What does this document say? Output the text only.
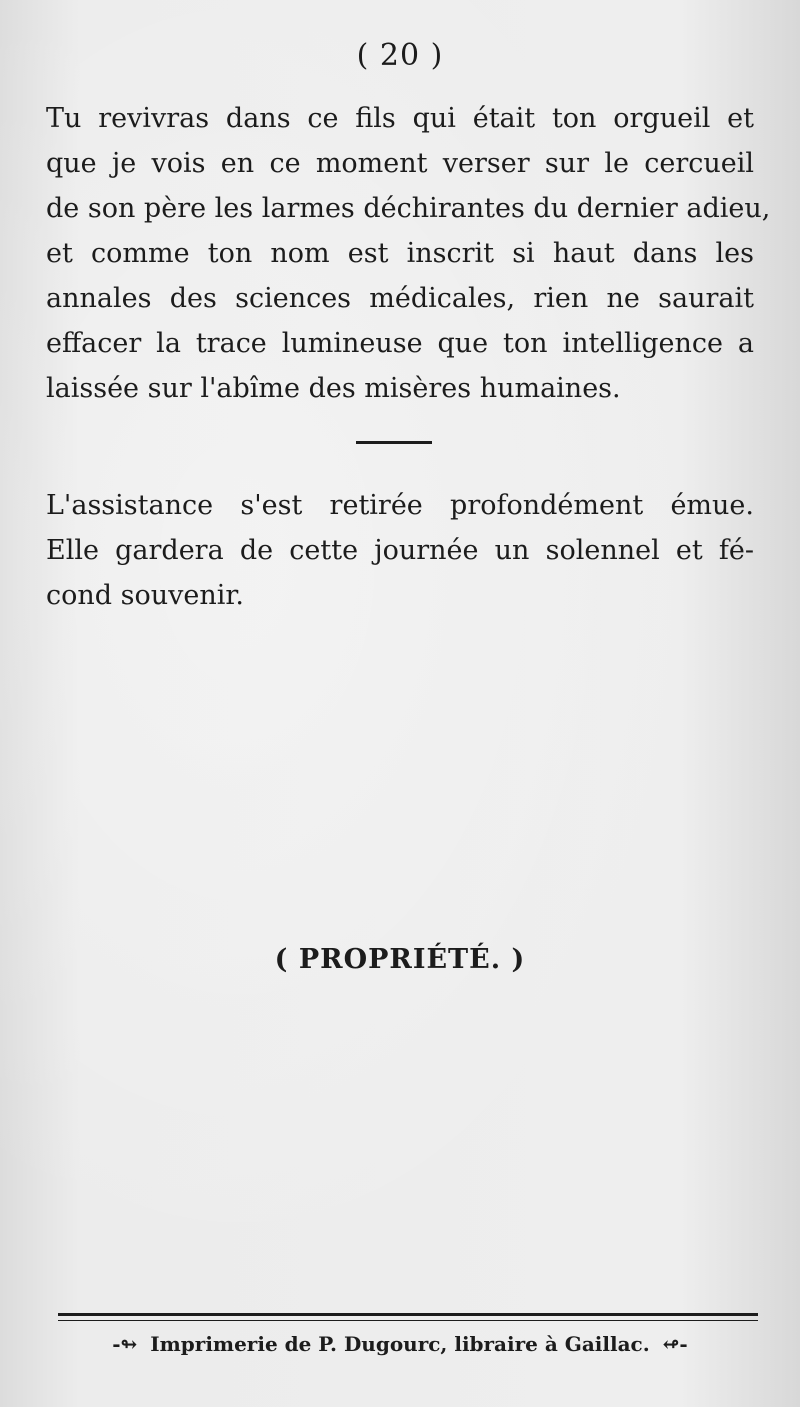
( 20 )
Tu revivras dans ce fils qui était ton orgueil et
que je vois en ce moment verser sur le cercueil
de son père les larmes déchirantes du dernier adieu,
et comme ton nom est inscrit si haut dans les
annales des sciences médicales, rien ne saurait
effacer la trace lumineuse que ton intelligence a
laissée sur l'abîme des misères humaines.
L'assistance s'est retirée profondément émue.
Elle gardera de cette journée un solennel et fé-
cond souvenir.
( PROPRIÉTÉ. )
-↬ Imprimerie de P. Dugourc, libraire à Gaillac. ↫-
